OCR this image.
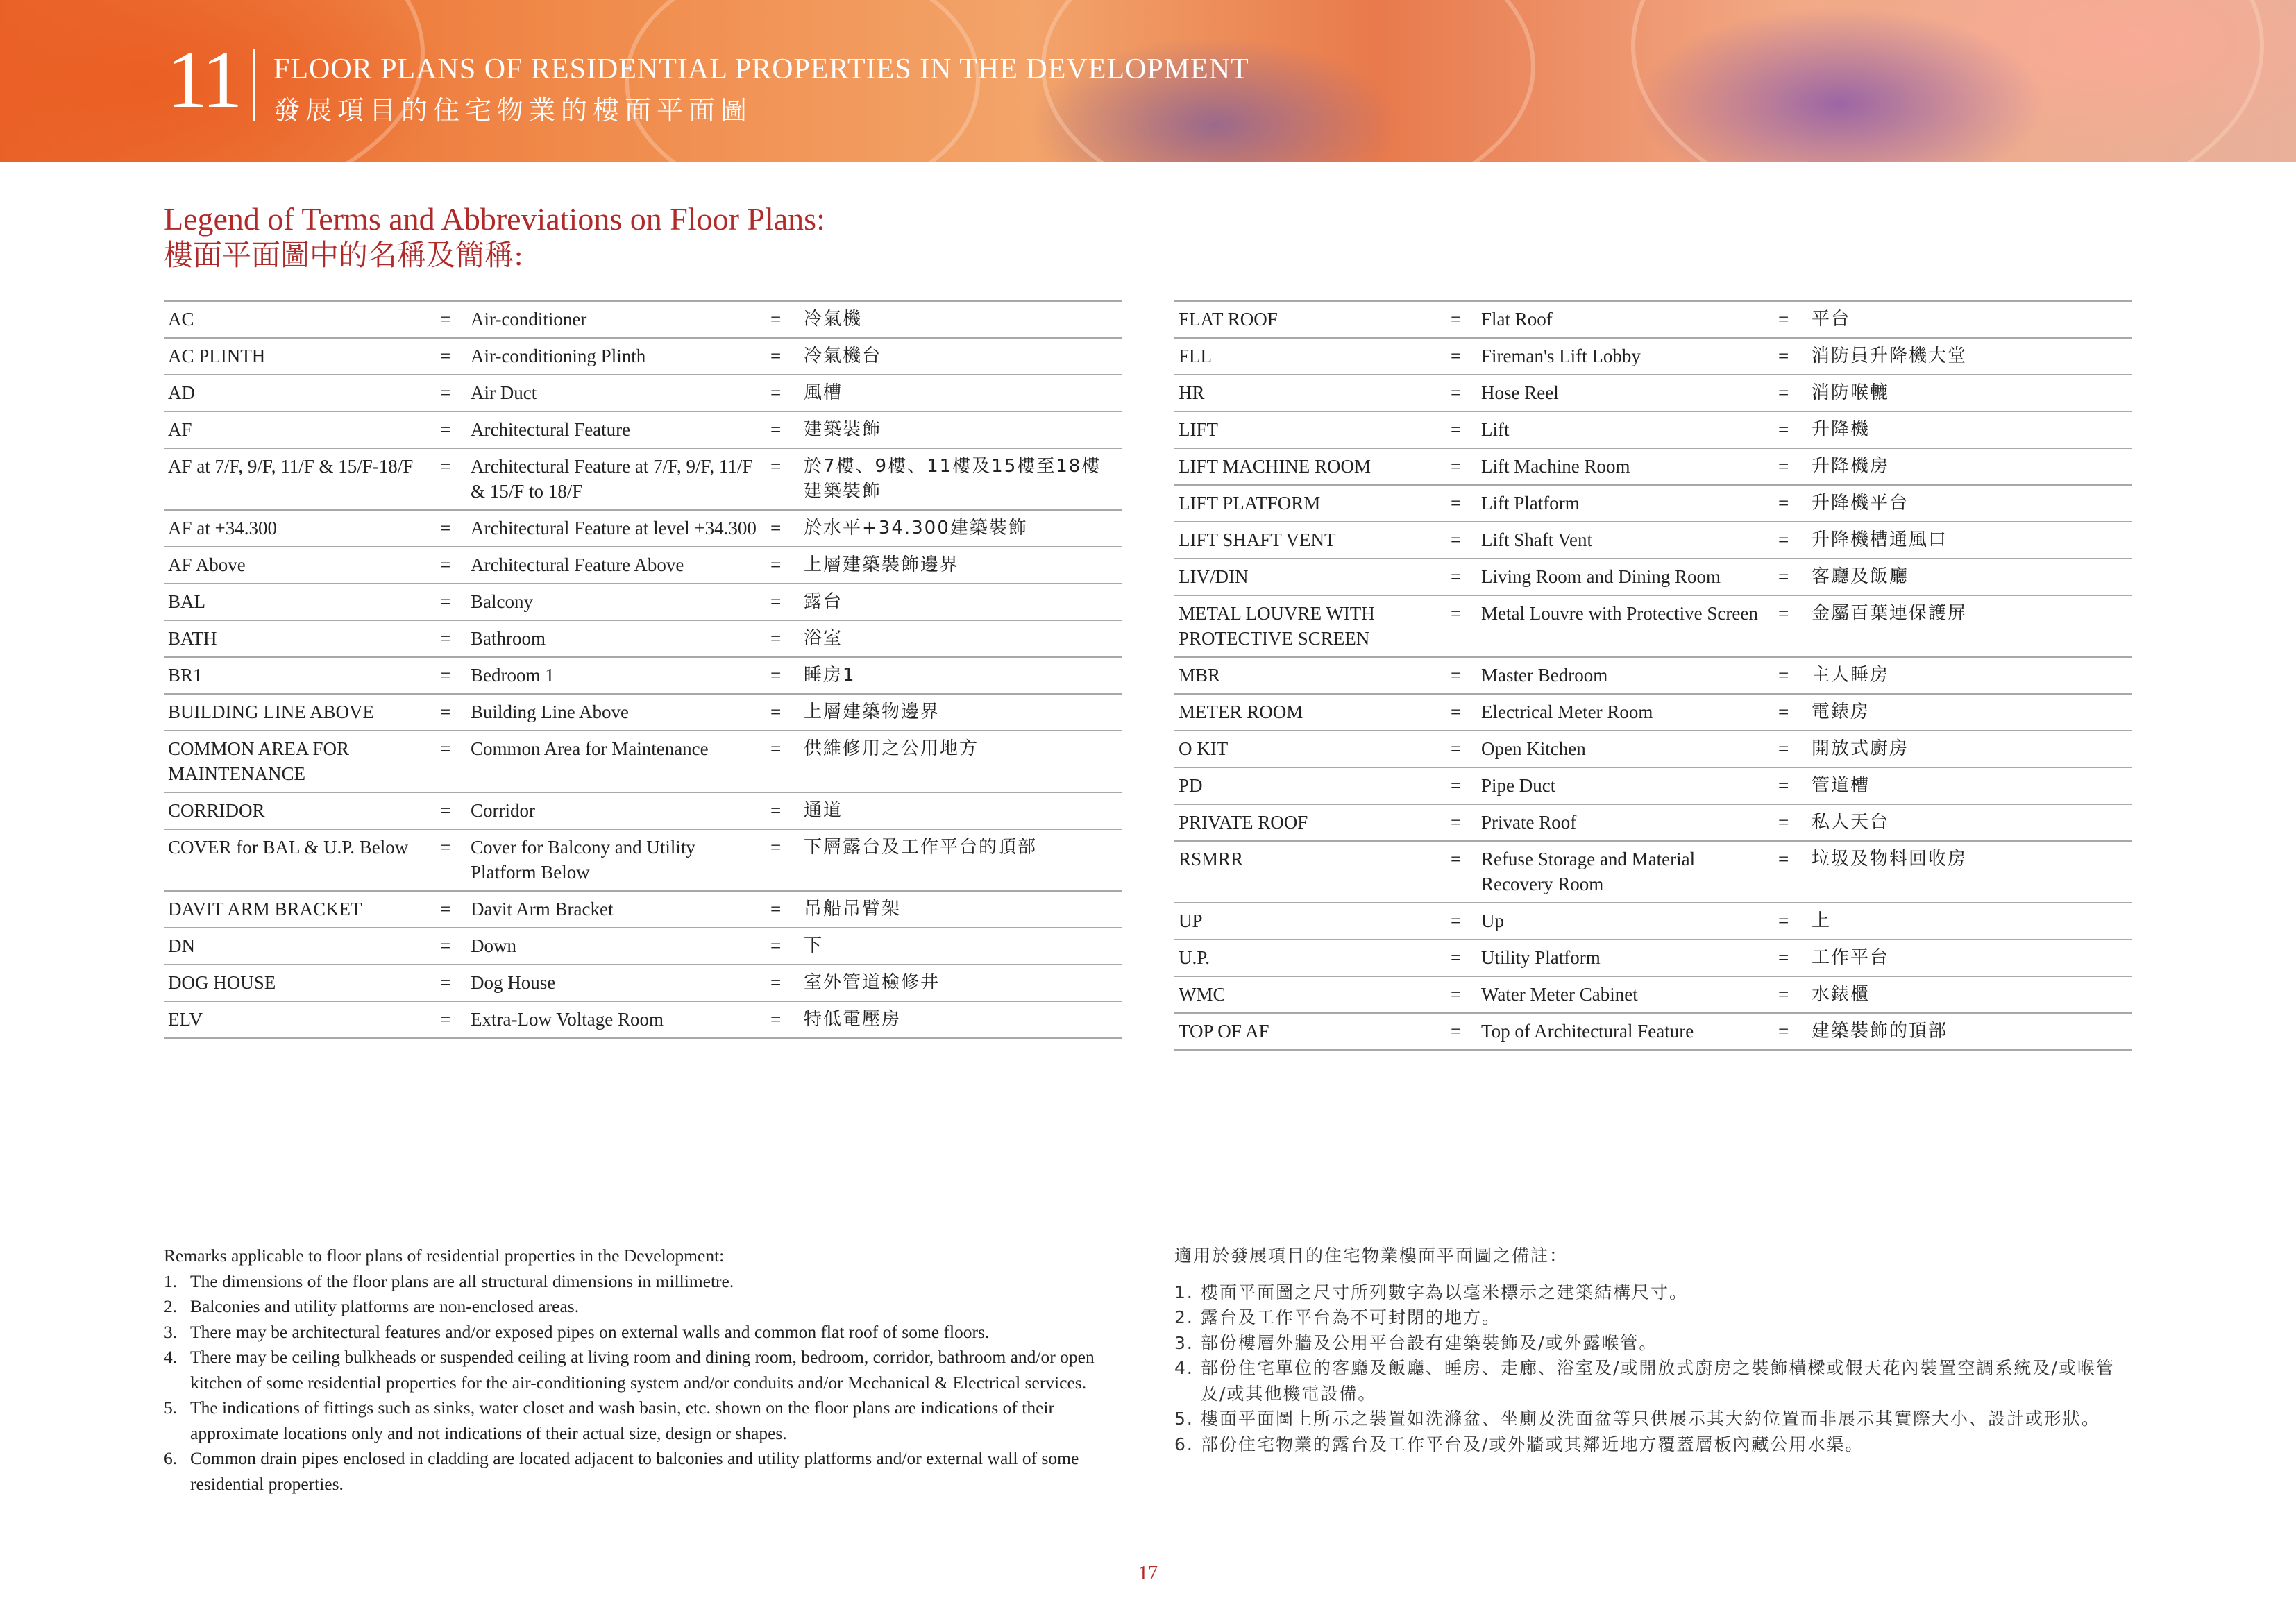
11 FLOOR PLANS OF RESIDENTIAL PROPERTIES IN THE DEVELOPMENT
發展項目的住宅物業的樓面平面圖
Legend of Terms and Abbreviations on Floor Plans:
樓面平面圖中的名稱及簡稱:
AC	=	Air-conditioner	=	冷氣機
AC PLINTH	=	Air-conditioning Plinth	=	冷氣機台
AD	=	Air Duct	=	風槽
AF	=	Architectural Feature	=	建築裝飾
AF at 7/F, 9/F, 11/F & 15/F-18/F	=	Architectural Feature at 7/F, 9/F, 11/F & 15/F to 18/F	=	於7樓、9樓、11樓及15樓至18樓建築裝飾
AF at +34.300	=	Architectural Feature at level +34.300	=	於水平+34.300建築裝飾
AF Above	=	Architectural Feature Above	=	上層建築裝飾邊界
BAL	=	Balcony	=	露台
BATH	=	Bathroom	=	浴室
BR1	=	Bedroom 1	=	睡房1
BUILDING LINE ABOVE	=	Building Line Above	=	上層建築物邊界
COMMON AREA FOR MAINTENANCE	=	Common Area for Maintenance	=	供維修用之公用地方
CORRIDOR	=	Corridor	=	通道
COVER for BAL & U.P. Below	=	Cover for Balcony and Utility Platform Below	=	下層露台及工作平台的頂部
DAVIT ARM BRACKET	=	Davit Arm Bracket	=	吊船吊臂架
DN	=	Down	=	下
DOG HOUSE	=	Dog House	=	室外管道檢修井
ELV	=	Extra-Low Voltage Room	=	特低電壓房
FLAT ROOF	=	Flat Roof	=	平台
FLL	=	Fireman's Lift Lobby	=	消防員升降機大堂
HR	=	Hose Reel	=	消防喉轆
LIFT	=	Lift	=	升降機
LIFT MACHINE ROOM	=	Lift Machine Room	=	升降機房
LIFT PLATFORM	=	Lift Platform	=	升降機平台
LIFT SHAFT VENT	=	Lift Shaft Vent	=	升降機槽通風口
LIV/DIN	=	Living Room and Dining Room	=	客廳及飯廳
METAL LOUVRE WITH PROTECTIVE SCREEN	=	Metal Louvre with Protective Screen	=	金屬百葉連保護屏
MBR	=	Master Bedroom	=	主人睡房
METER ROOM	=	Electrical Meter Room	=	電錶房
O KIT	=	Open Kitchen	=	開放式廚房
PD	=	Pipe Duct	=	管道槽
PRIVATE ROOF	=	Private Roof	=	私人天台
RSMRR	=	Refuse Storage and Material Recovery Room	=	垃圾及物料回收房
UP	=	Up	=	上
U.P.	=	Utility Platform	=	工作平台
WMC	=	Water Meter Cabinet	=	水錶櫃
TOP OF AF	=	Top of Architectural Feature	=	建築裝飾的頂部
Remarks applicable to floor plans of residential properties in the Development:
1. The dimensions of the floor plans are all structural dimensions in millimetre.
2. Balconies and utility platforms are non-enclosed areas.
3. There may be architectural features and/or exposed pipes on external walls and common flat roof of some floors.
4. There may be ceiling bulkheads or suspended ceiling at living room and dining room, bedroom, corridor, bathroom and/or open kitchen of some residential properties for the air-conditioning system and/or conduits and/or Mechanical & Electrical services.
5. The indications of fittings such as sinks, water closet and wash basin, etc. shown on the floor plans are indications of their approximate locations only and not indications of their actual size, design or shapes.
6. Common drain pipes enclosed in cladding are located adjacent to balconies and utility platforms and/or external wall of some residential properties.
適用於發展項目的住宅物業樓面平面圖之備註：
1. 樓面平面圖之尺寸所列數字為以毫米標示之建築結構尺寸。
2. 露台及工作平台為不可封閉的地方。
3. 部份樓層外牆及公用平台設有建築裝飾及/或外露喉管。
4. 部份住宅單位的客廳及飯廳、睡房、走廊、浴室及/或開放式廚房之裝飾橫樑或假天花內裝置空調系統及/或喉管及/或其他機電設備。
5. 樓面平面圖上所示之裝置如洗滌盆、坐廁及洗面盆等只供展示其大約位置而非展示其實際大小、設計或形狀。
6. 部份住宅物業的露台及工作平台及/或外牆或其鄰近地方覆蓋層板內藏公用水渠。
17
